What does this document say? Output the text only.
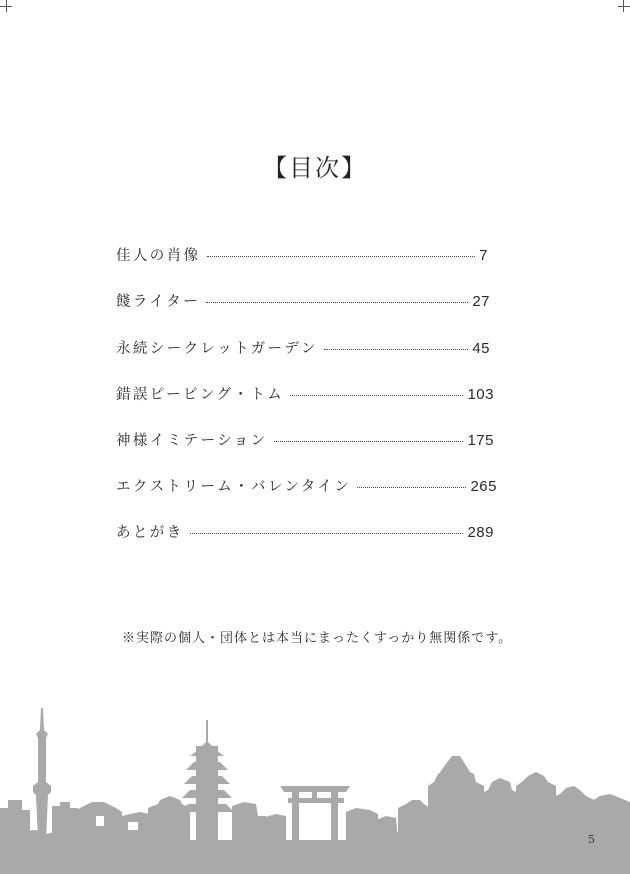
【目次】
佳人の肖像	7
餞ライター	27
永続シークレットガーデン	45
錯誤ピーピング・トム	103
神様イミテーション	175
エクストリーム・バレンタイン	265
あとがき	289
※実際の個人・団体とは本当にまったくすっかり無関係です。
5
